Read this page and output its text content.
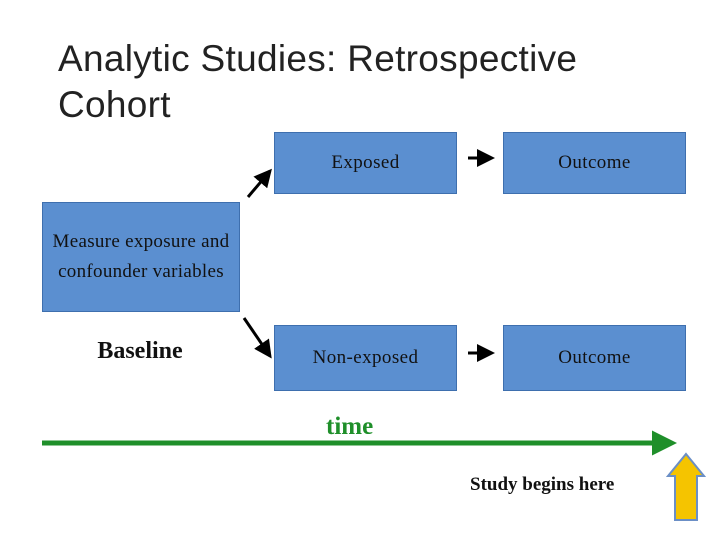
Analytic Studies: Retrospective Cohort
Exposed	Outcome
Measure exposure and confounder variables
Non-exposed	Outcome
Baseline
time
Study begins here
